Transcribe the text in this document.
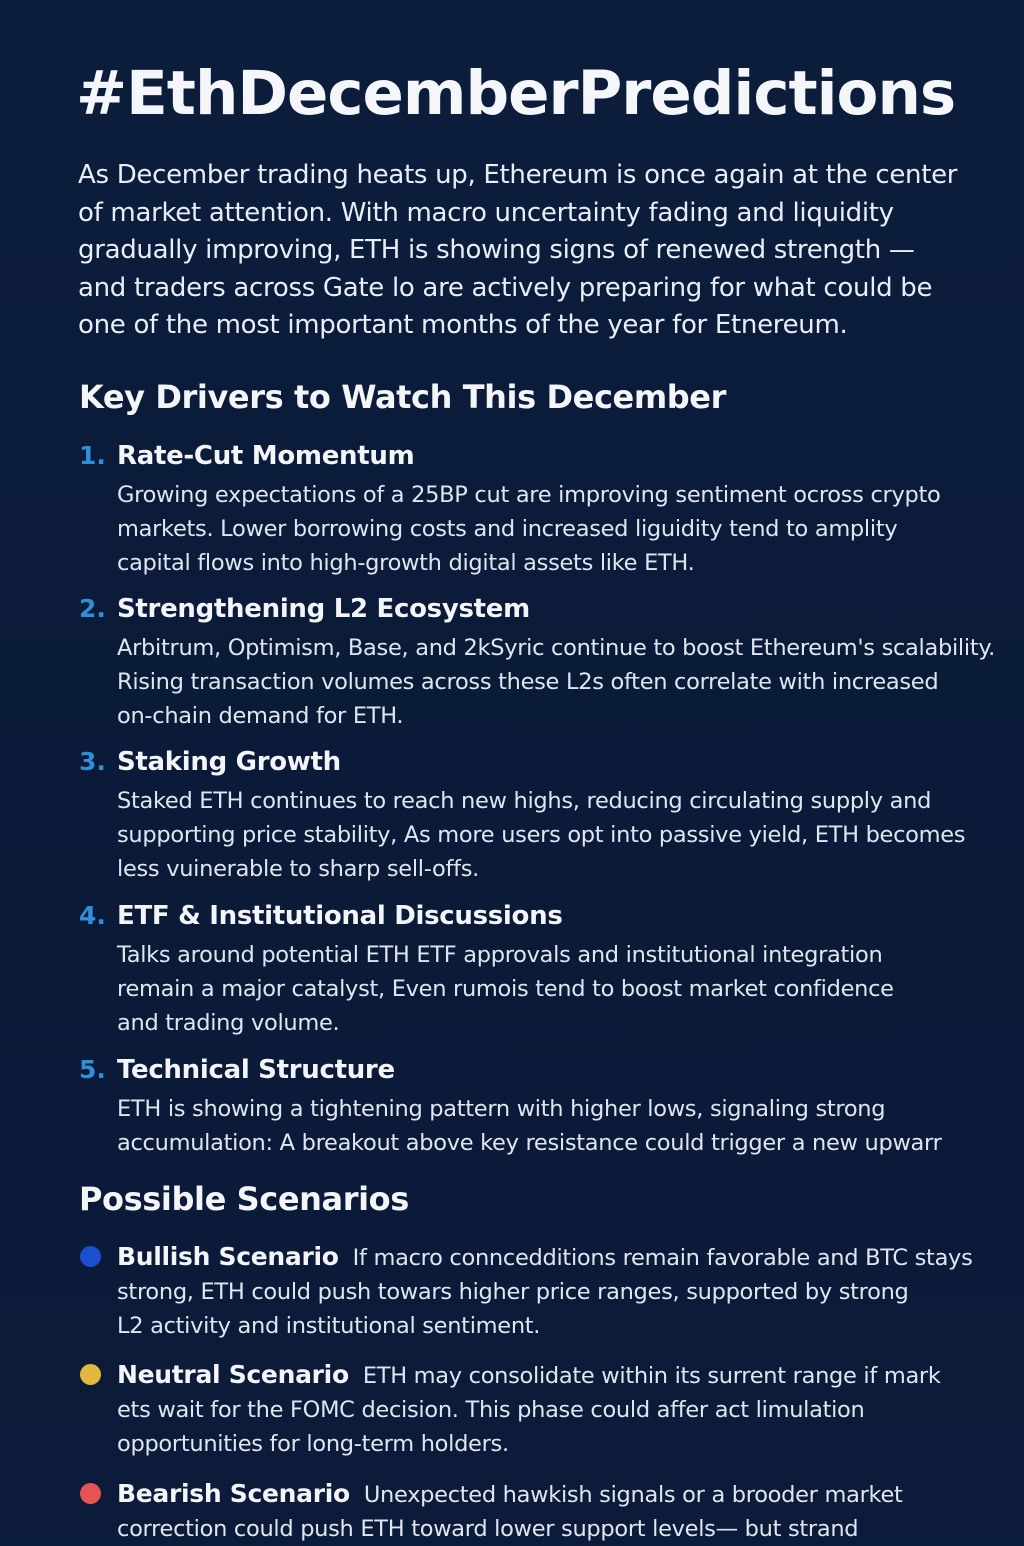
#EthDecemberPredictions

As December trading heats up, Ethereum is once again at the center
of market attention. With macro uncertainty fading and liquidity
gradually improving, ETH is showing signs of renewed strength —
and traders across Gate lo are actively preparing for what could be
one of the most important months of the year for Etnereum.

Key Drivers to Watch This December
1. Rate-Cut Momentum
Growing expectations of a 25BP cut are improving sentiment ocross crypto
markets. Lower borrowing costs and increased liguidity tend to amplity
capital flows into high-growth digital assets like ETH.
2. Strengthening L2 Ecosystem
Arbitrum, Optimism, Base, and 2kSyric continue to boost Ethereum's scalability.
Rising transaction volumes across these L2s often correlate with increased
on-chain demand for ETH.
3. Staking Growth
Staked ETH continues to reach new highs, reducing circulating supply and
supporting price stability, As more users opt into passive yield, ETH becomes
less vuinerable to sharp sell-offs.
4. ETF & Institutional Discussions
Talks around potential ETH ETF approvals and institutional integration
remain a major catalyst, Even rumois tend to boost market confidence
and trading volume.
5. Technical Structure
ETH is showing a tightening pattern with higher lows, signaling strong
accumulation: A breakout above key resistance could trigger a new upwarr
Possible Scenarios
Bullish Scenario If macro conncedditions remain favorable and BTC stays
strong, ETH could push towars higher price ranges, supported by strong
L2 activity and institutional sentiment.
Neutral Scenario ETH may consolidate within its surrent range if mark
ets wait for the FOMC decision. This phase could affer act limulation
opportunities for long-term holders.
Bearish Scenario Unexpected hawkish signals or a brooder market
correction could push ETH toward lower support levels— but strand
